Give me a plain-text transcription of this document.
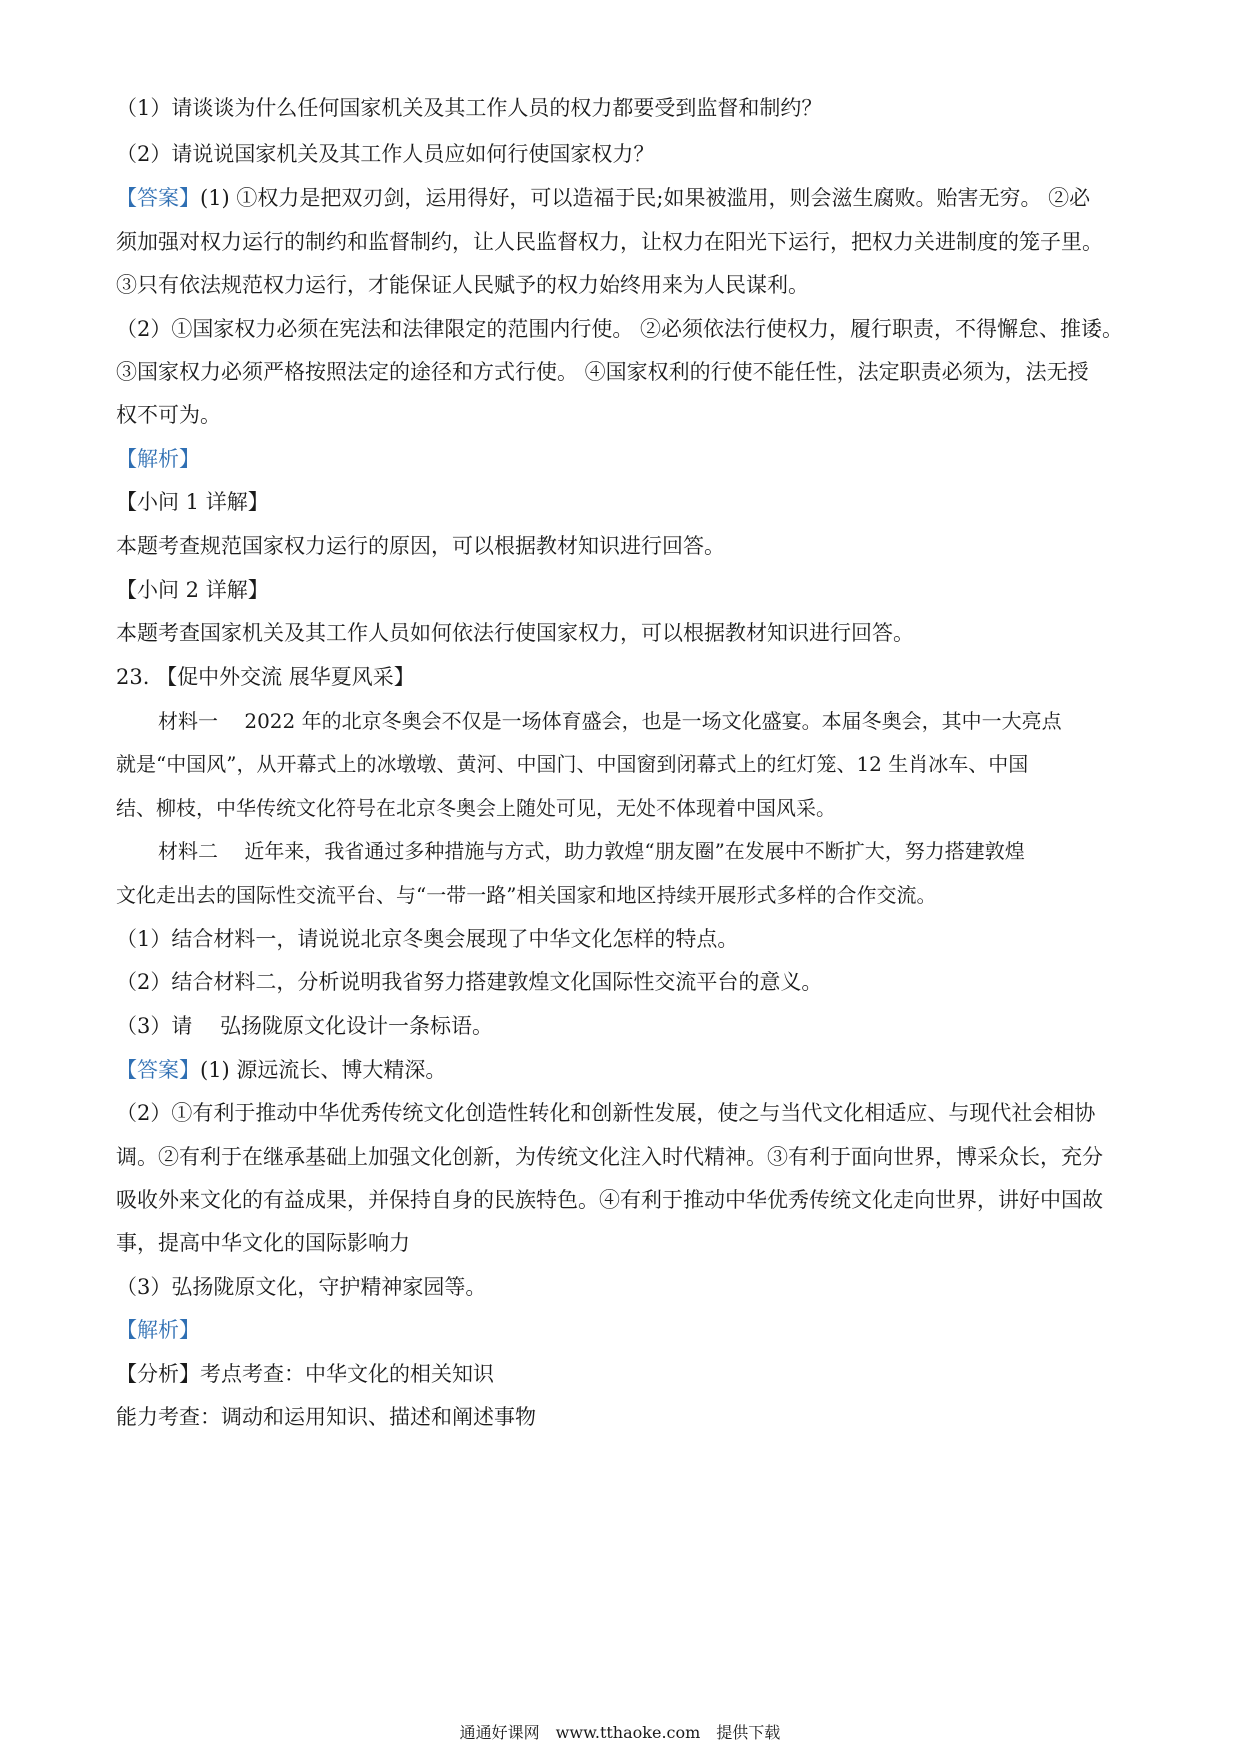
（1）请谈谈为什么任何国家机关及其工作人员的权力都要受到监督和制约？
（2）请说说国家机关及其工作人员应如何行使国家权力？
【答案】(1) ①权力是把双刃剑，运用得好，可以造福于民;如果被滥用，则会滋生腐败。贻害无穷。 ②必
须加强对权力运行的制约和监督制约，让人民监督权力，让权力在阳光下运行，把权力关进制度的笼子里。
③只有依法规范权力运行，才能保证人民赋予的权力始终用来为人民谋利。
（2）①国家权力必须在宪法和法律限定的范围内行使。 ②必须依法行使权力，履行职责，不得懈怠、推诿。
③国家权力必须严格按照法定的途径和方式行使。 ④国家权利的行使不能任性，法定职责必须为，法无授
权不可为。
【解析】
【小问 1 详解】
本题考查规范国家权力运行的原因，可以根据教材知识进行回答。
【小问 2 详解】
本题考查国家机关及其工作人员如何依法行使国家权力，可以根据教材知识进行回答。
23. 【促中外交流 展华夏风采】
材料一　 2022 年的北京冬奥会不仅是一场体育盛会，也是一场文化盛宴。本届冬奥会，其中一大亮点
就是“中国风”，从开幕式上的冰墩墩、黄河、中国门、中国窗到闭幕式上的红灯笼、12 生肖冰车、中国
结、柳枝，中华传统文化符号在北京冬奥会上随处可见，无处不体现着中国风采。
材料二　 近年来，我省通过多种措施与方式，助力敦煌“朋友圈”在发展中不断扩大，努力搭建敦煌
文化走出去的国际性交流平台、与“一带一路”相关国家和地区持续开展形式多样的合作交流。
（1）结合材料一，请说说北京冬奥会展现了中华文化怎样的特点。
（2）结合材料二，分析说明我省努力搭建敦煌文化国际性交流平台的意义。
（3）请　 弘扬陇原文化设计一条标语。
【答案】(1) 源远流长、博大精深。
（2）①有利于推动中华优秀传统文化创造性转化和创新性发展，使之与当代文化相适应、与现代社会相协
调。②有利于在继承基础上加强文化创新，为传统文化注入时代精神。③有利于面向世界，博采众长，充分
吸收外来文化的有益成果，并保持自身的民族特色。④有利于推动中华优秀传统文化走向世界，讲好中国故
事，提高中华文化的国际影响力
（3）弘扬陇原文化，守护精神家园等。
【解析】
【分析】考点考查：中华文化的相关知识
能力考查：调动和运用知识、描述和阐述事物
通通好课网　www.tthaoke.com　提供下载
